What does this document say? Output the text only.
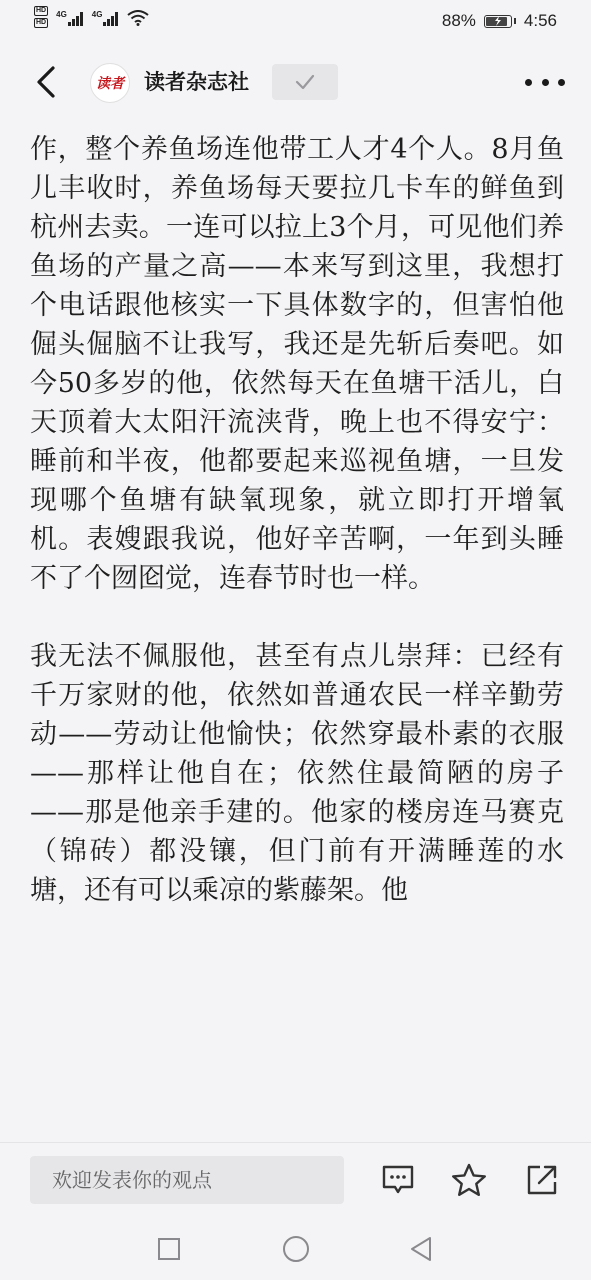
HD
HD
4G	4G	88%	4:56
读者 读者杂志社

作，整个养鱼场连他带工人才4个人。8月鱼儿丰收时，养鱼场每天要拉几卡车的鲜鱼到杭州去卖。一连可以拉上3个月，可见他们养鱼场的产量之高——本来写到这里，我想打个电话跟他核实一下具体数字的，但害怕他倔头倔脑不让我写，我还是先斩后奏吧。如今50多岁的他，依然每天在鱼塘干活儿，白天顶着大太阳汗流浃背，晚上也不得安宁：睡前和半夜，他都要起来巡视鱼塘，一旦发现哪个鱼塘有缺氧现象，就立即打开增氧机。表嫂跟我说，他好辛苦啊，一年到头睡不了个囫囵觉，连春节时也一样。

我无法不佩服他，甚至有点儿崇拜：已经有千万家财的他，依然如普通农民一样辛勤劳动——劳动让他愉快；依然穿最朴素的衣服——那样让他自在；依然住最简陋的房子——那是他亲手建的。他家的楼房连马赛克（锦砖）都没镶，但门前有开满睡莲的水塘，还有可以乘凉的紫藤架。他

欢迎发表你的观点
